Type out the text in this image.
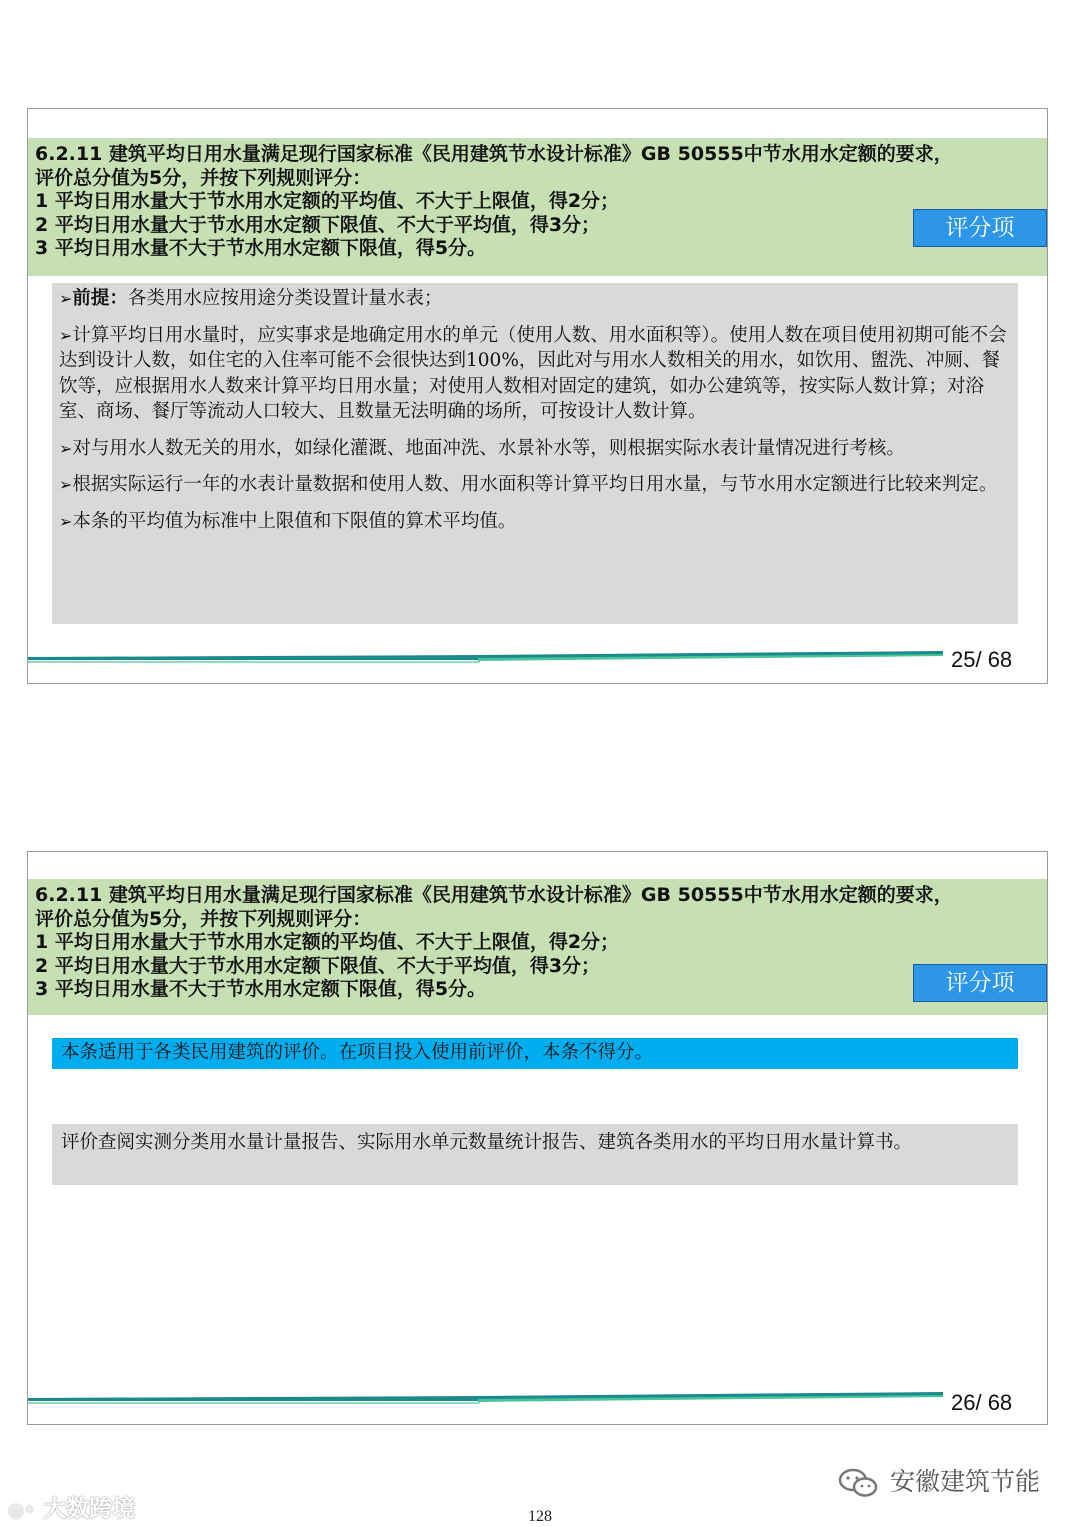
6.2.11 建筑平均日用水量满足现行国家标准《民用建筑节水设计标准》GB 50555中节水用水定额的要求，
评价总分值为5分，并按下列规则评分：
1 平均日用水量大于节水用水定额的平均值、不大于上限值，得2分；
2 平均日用水量大于节水用水定额下限值、不大于平均值，得3分；
3 平均日用水量不大于节水用水定额下限值，得5分。
评分项
➢前提：各类用水应按用途分类设置计量水表；
➢计算平均日用水量时，应实事求是地确定用水的单元（使用人数、用水面积等）。使用人数在项目使用初期可能不会达到设计人数，如住宅的入住率可能不会很快达到100%，因此对与用水人数相关的用水，如饮用、盥洗、冲厕、餐饮等，应根据用水人数来计算平均日用水量；对使用人数相对固定的建筑，如办公建筑等，按实际人数计算；对浴室、商场、餐厅等流动人口较大、且数量无法明确的场所，可按设计人数计算。
➢对与用水人数无关的用水，如绿化灌溉、地面冲洗、水景补水等，则根据实际水表计量情况进行考核。
➢根据实际运行一年的水表计量数据和使用人数、用水面积等计算平均日用水量，与节水用水定额进行比较来判定。
➢本条的平均值为标准中上限值和下限值的算术平均值。
25/ 68
6.2.11 建筑平均日用水量满足现行国家标准《民用建筑节水设计标准》GB 50555中节水用水定额的要求，
评价总分值为5分，并按下列规则评分：
1 平均日用水量大于节水用水定额的平均值、不大于上限值，得2分；
2 平均日用水量大于节水用水定额下限值、不大于平均值，得3分；
3 平均日用水量不大于节水用水定额下限值，得5分。	评分项
本条适用于各类民用建筑的评价。在项目投入使用前评价，本条不得分。
评价查阅实测分类用水量计量报告、实际用水单元数量统计报告、建筑各类用水的平均日用水量计算书。
26/ 68
◎◦ 大数跨境
安徽建筑节能
128
